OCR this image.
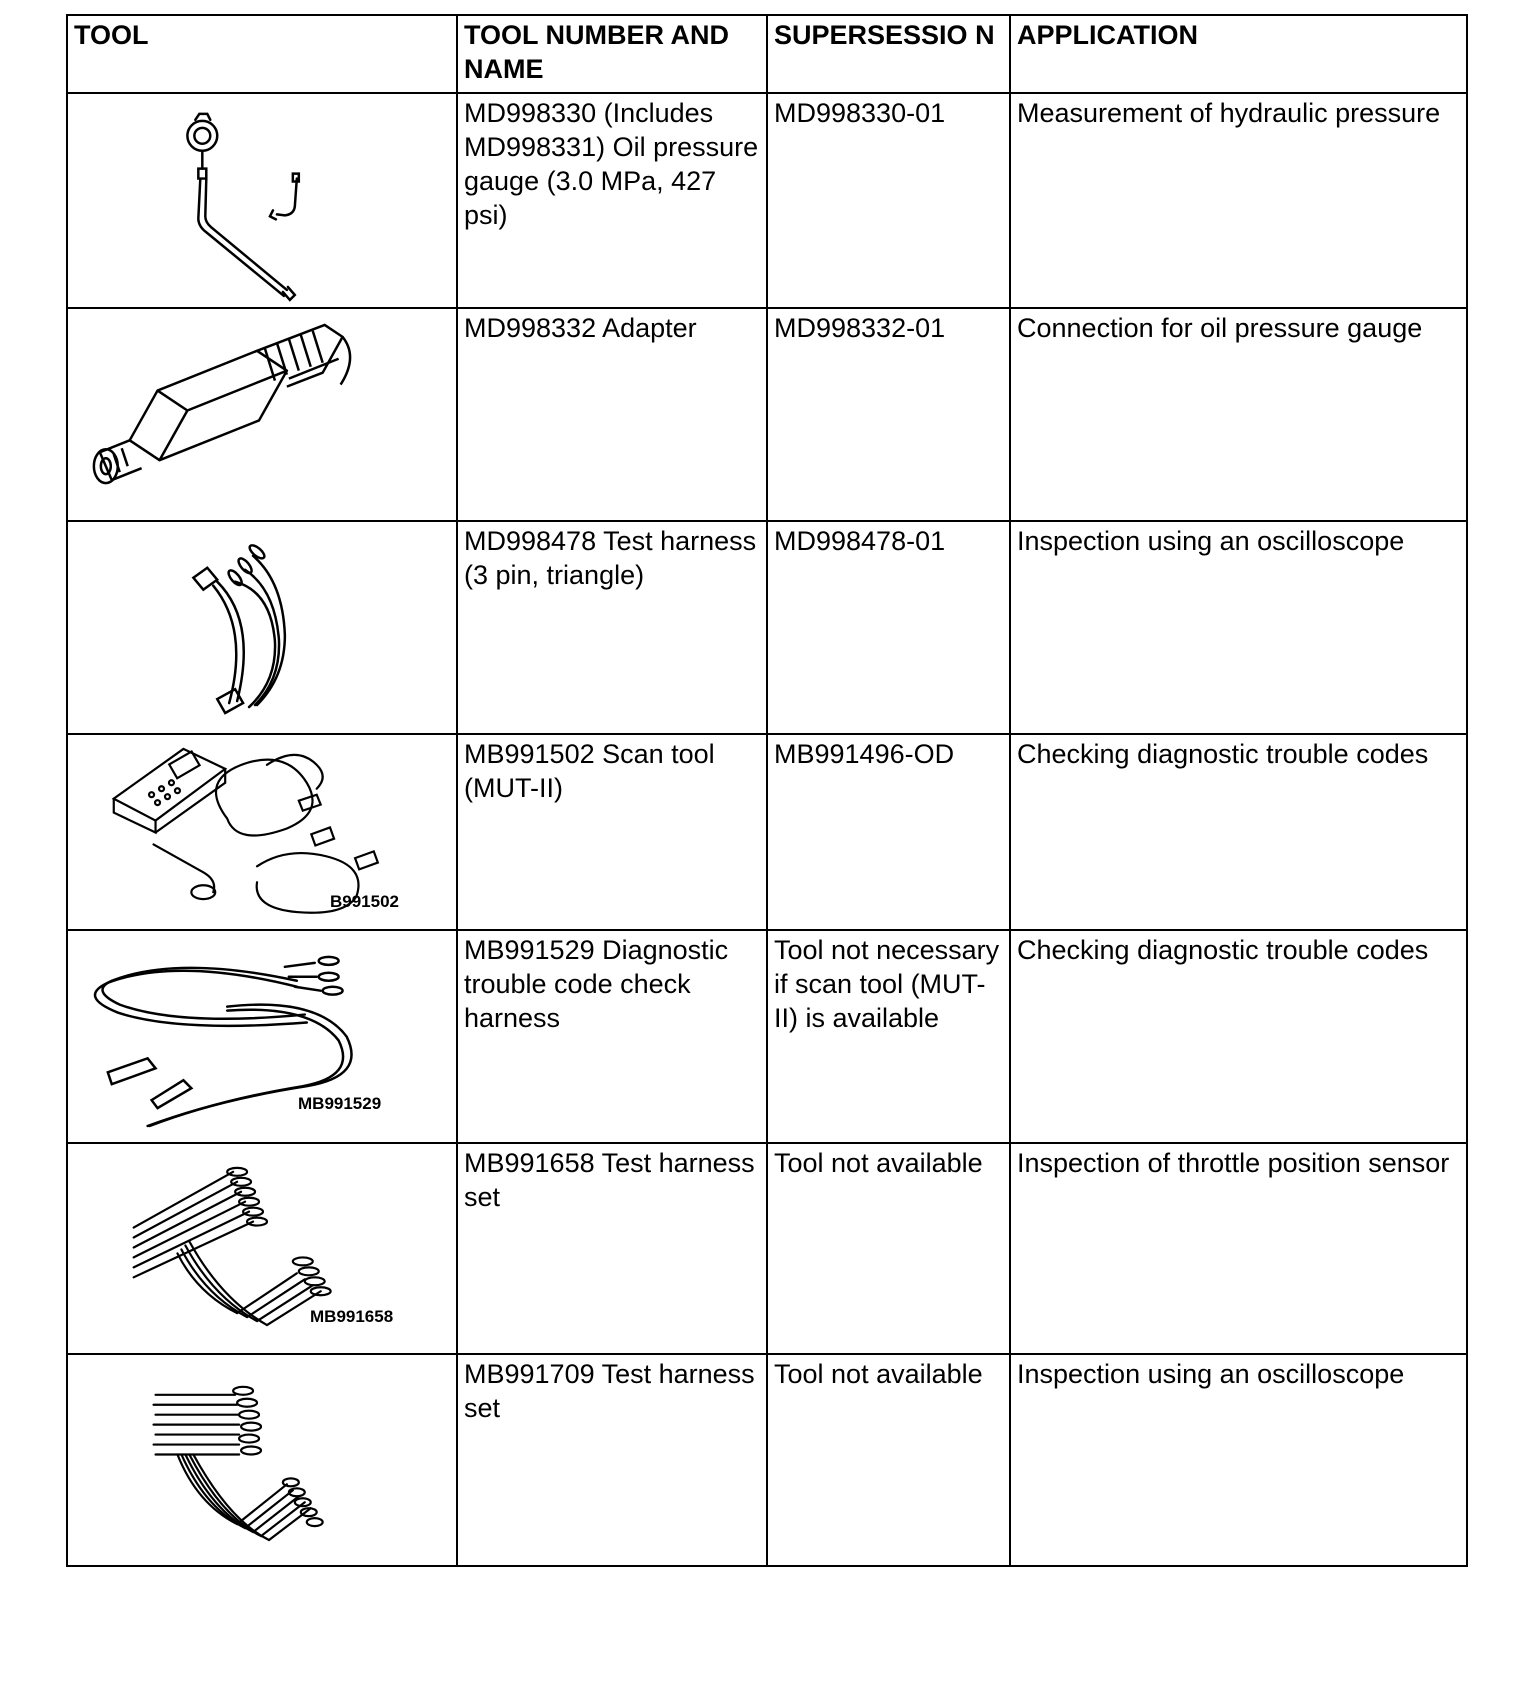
TOOL	TOOL NUMBER AND NAME	SUPERSESSIO N	APPLICATION

	MD998330 (Includes MD998331) Oil pressure gauge (3.0 MPa, 427 psi)	MD998330-01	Measurement of hydraulic pressure

	MD998332 Adapter	MD998332-01	Connection for oil pressure gauge

	MD998478 Test harness (3 pin, triangle)	MD998478-01	Inspection using an oscilloscope

B991502	MB991502 Scan tool (MUT-II)	MB991496-OD	Checking diagnostic trouble codes

MB991529	MB991529 Diagnostic trouble code check harness	Tool not necessary if scan tool (MUT-II) is available	Checking diagnostic trouble codes

MB991658	MB991658 Test harness set	Tool not available	Inspection of throttle position sensor

	MB991709 Test harness set	Tool not available	Inspection using an oscilloscope
